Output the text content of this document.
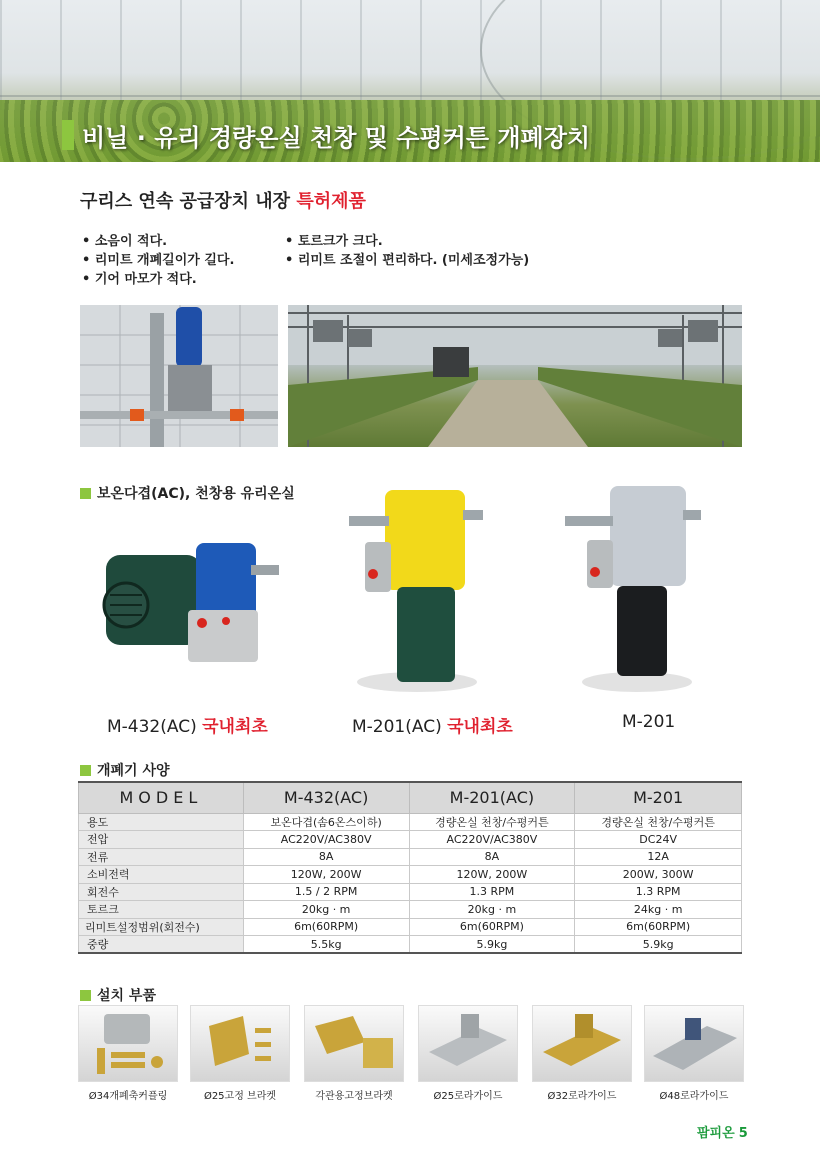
비닐 · 유리 경량온실 천창 및 수평커튼 개폐장치
구리스 연속 공급장치 내장 특허제품
• 소음이 적다.
• 리미트 개폐길이가 길다.
• 기어 마모가 적다.
• 토르크가 크다.
• 리미트 조절이 편리하다. (미세조정가능)
보온다겹(AC), 천창용 유리온실
M-432(AC) 국내최초	M-201(AC) 국내최초	M-201
개폐기 사양
MODEL	M-432(AC)	M-201(AC)	M-201
용도	보온다겹(솜6온스이하)	경량온실 천창/수평커튼	경량온실 천창/수평커튼
전압	AC220V/AC380V	AC220V/AC380V	DC24V
전류	8A	8A	12A
소비전력	120W, 200W	120W, 200W	200W, 300W
회전수	1.5 / 2 RPM	1.3 RPM	1.3 RPM
토르크	20kg · m	20kg · m	24kg · m
리미트설정범위(회전수)	6m(60RPM)	6m(60RPM)	6m(60RPM)
중량	5.5kg	5.9kg	5.9kg
설치 부품
Ø34개폐축커플링	Ø25고정 브라켓	각관용고정브라켓	Ø25로라가이드	Ø32로라가이드	Ø48로라가이드
팜피온 5
